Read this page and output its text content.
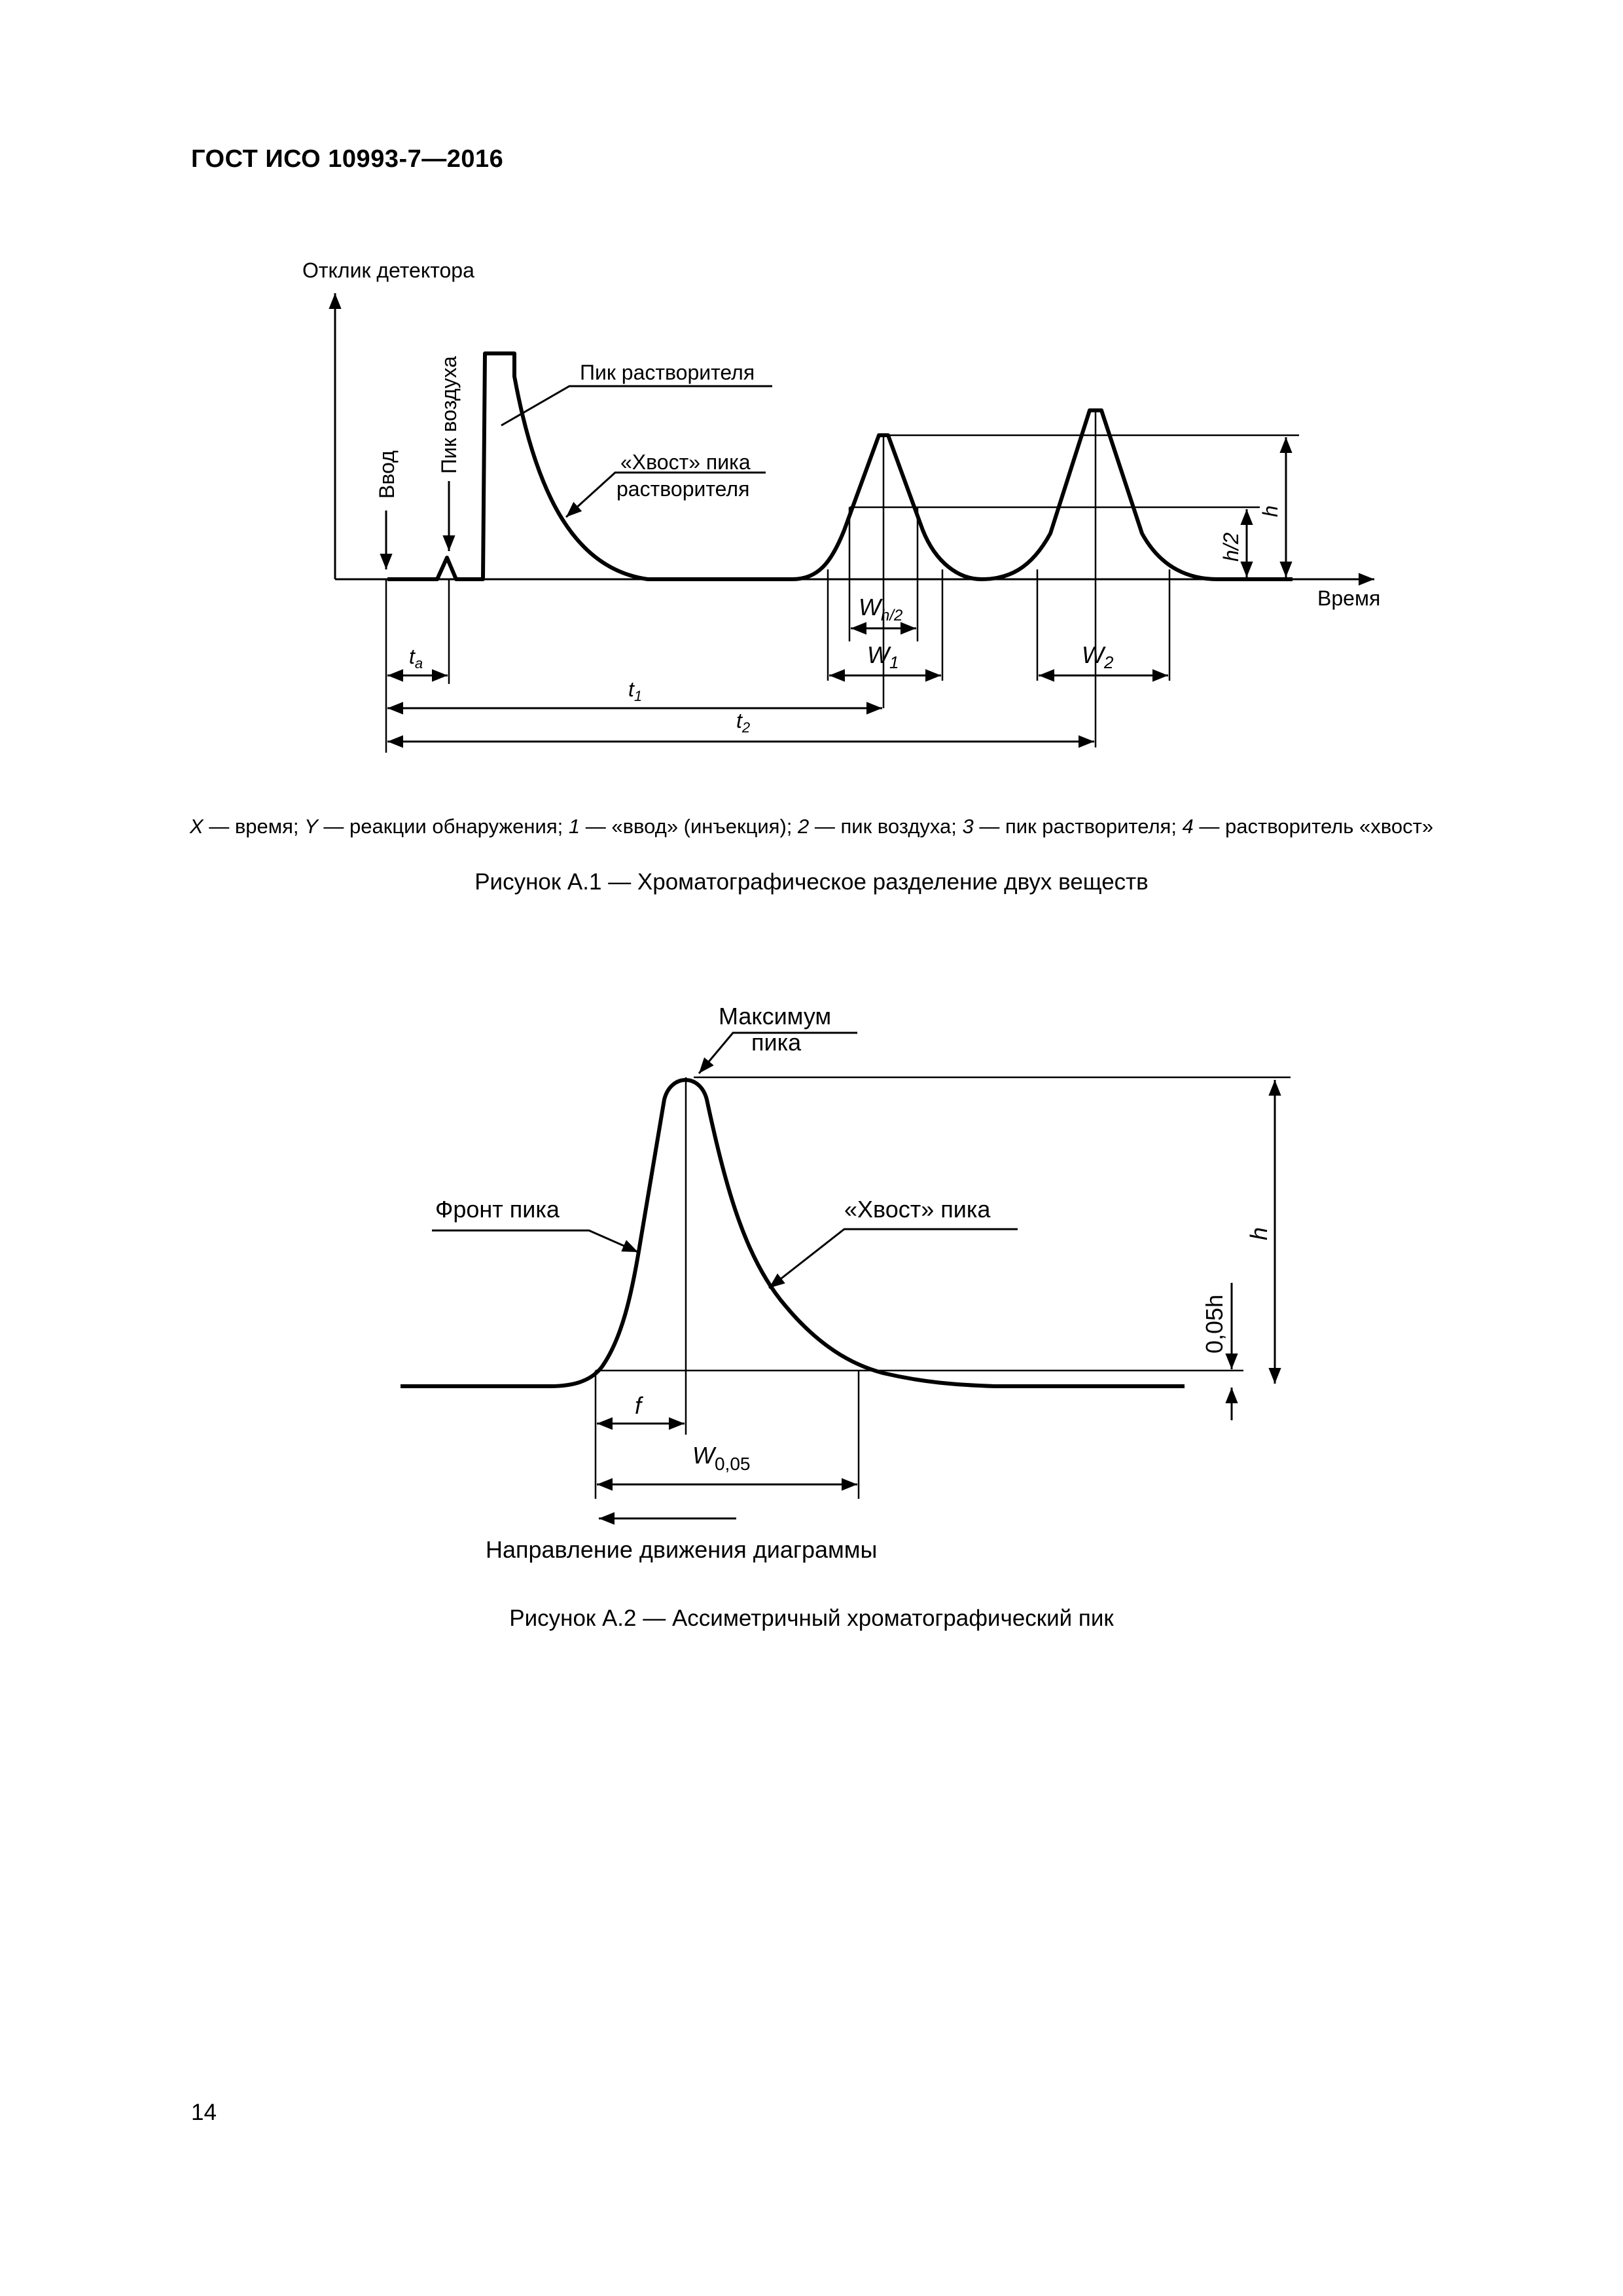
ГОСТ ИСО 10993-7—2016
Ввод
Пик воздуха
Отклик детектора
Время
Пик растворителя
«Хвост» пика
растворителя
h
h/2
$W_{h/2}$
$W_1$	$W_2$
$t_a$
$t_1$
$t_2$
X — время; Y — реакции обнаружения; 1 — «ввод» (инъекция); 2 — пик воздуха; 3 — пик растворителя; 4 — растворитель «хвост»
Рисунок А.1 — Хроматографическое разделение двух веществ
h
0,05h
Максимум
пика
Фронт пика	«Хвост» пика
f
$W_{0,05}$
Направление движения диаграммы
Рисунок А.2 — Ассиметричный хроматографический пик
14
